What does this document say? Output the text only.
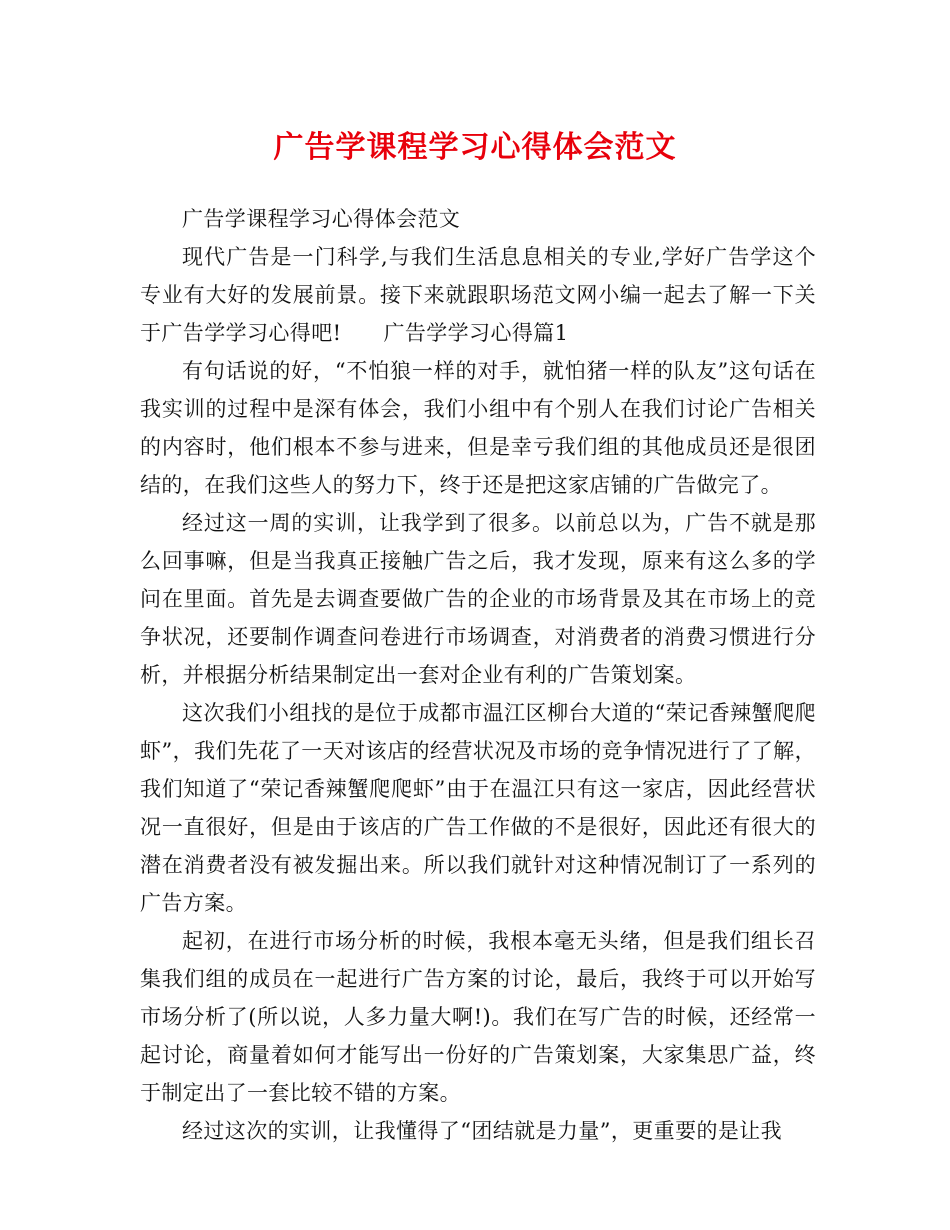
广告学课程学习心得体会范文

广告学课程学习心得体会范文

现代广告是一门科学,与我们生活息息相关的专业,学好广告学这个专业有大好的发展前景。接下来就跟职场范文网小编一起去了解一下关于广告学学习心得吧! 广告学学习心得篇1

有句话说的好，“不怕狼一样的对手，就怕猪一样的队友”这句话在我实训的过程中是深有体会，我们小组中有个别人在我们讨论广告相关的内容时，他们根本不参与进来，但是幸亏我们组的其他成员还是很团结的，在我们这些人的努力下，终于还是把这家店铺的广告做完了。

经过这一周的实训，让我学到了很多。以前总以为，广告不就是那么回事嘛，但是当我真正接触广告之后，我才发现，原来有这么多的学问在里面。首先是去调查要做广告的企业的市场背景及其在市场上的竞争状况，还要制作调查问卷进行市场调查，对消费者的消费习惯进行分析，并根据分析结果制定出一套对企业有利的广告策划案。

这次我们小组找的是位于成都市温江区柳台大道的“荣记香辣蟹爬爬虾”，我们先花了一天对该店的经营状况及市场的竞争情况进行了了解，我们知道了“荣记香辣蟹爬爬虾”由于在温江只有这一家店，因此经营状况一直很好，但是由于该店的广告工作做的不是很好，因此还有很大的潜在消费者没有被发掘出来。所以我们就针对这种情况制订了一系列的广告方案。

起初，在进行市场分析的时候，我根本毫无头绪，但是我们组长召集我们组的成员在一起进行广告方案的讨论，最后，我终于可以开始写市场分析了(所以说，人多力量大啊!)。我们在写广告的时候，还经常一起讨论，商量着如何才能写出一份好的广告策划案，大家集思广益，终于制定出了一套比较不错的方案。

经过这次的实训，让我懂得了“团结就是力量”，更重要的是让我
